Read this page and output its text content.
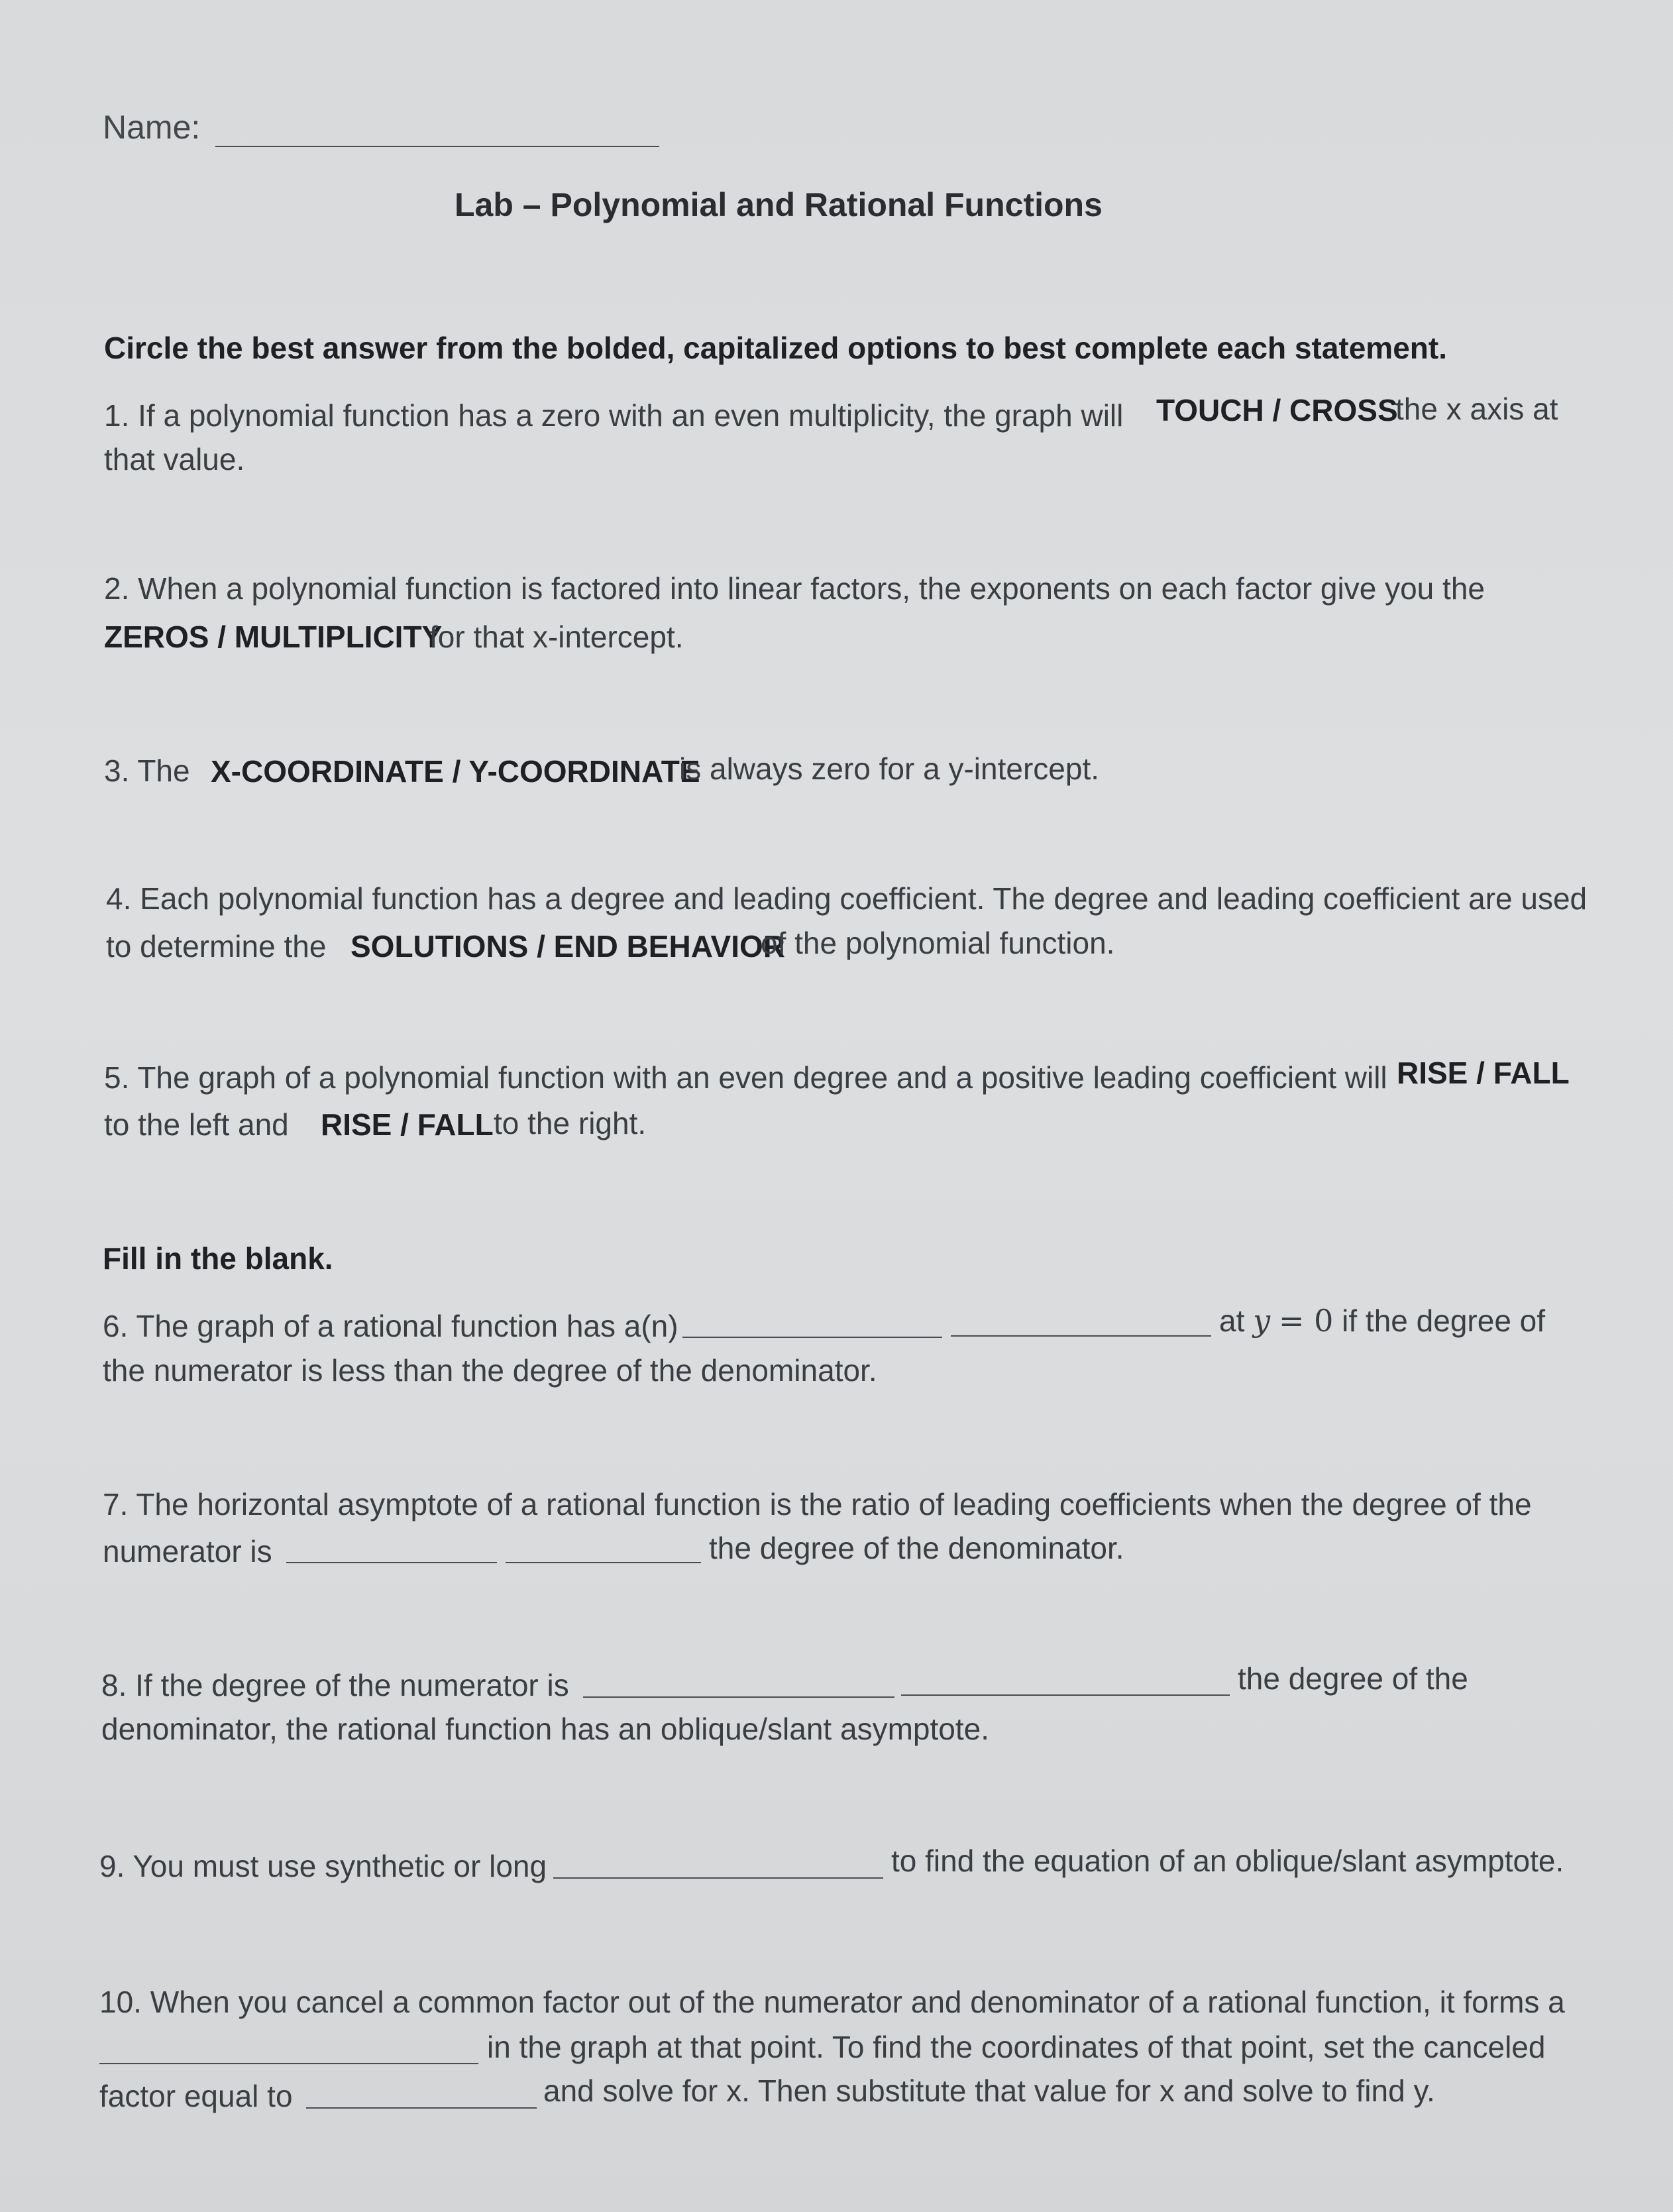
Name:
Lab – Polynomial and Rational Functions
Circle the best answer from the bolded, capitalized options to best complete each statement.
1. If a polynomial function has a zero with an even multiplicity, the graph will TOUCH / CROSS
the x axis at
that value.
2. When a polynomial function is factored into linear factors, the exponents on each factor give you the
ZEROS / MULTIPLICITY
for that x-intercept.
3. The X-COORDINATE / Y-COORDINATE
is always zero for a y-intercept.
4. Each polynomial function has a degree and leading coefficient. The degree and leading coefficient are used
to determine the SOLUTIONS / END BEHAVIOR
of the polynomial function.
5. The graph of a polynomial function with an even degree and a positive leading coefficient will RISE / FALL
to the left and RISE / FALL to the right.
Fill in the blank.
6. The graph of a rational function has a(n)	at y = 0 if the degree of
the numerator is less than the degree of the denominator.
7. The horizontal asymptote of a rational function is the ratio of leading coefficients when the degree of the
numerator is	the degree of the denominator.
8. If the degree of the numerator is	the degree of the
denominator, the rational function has an oblique/slant asymptote.
9. You must use synthetic or long	to find the equation of an oblique/slant asymptote.
10. When you cancel a common factor out of the numerator and denominator of a rational function, it forms a
in the graph at that point. To find the coordinates of that point, set the canceled
factor equal to	and solve for x. Then substitute that value for x and solve to find y.
